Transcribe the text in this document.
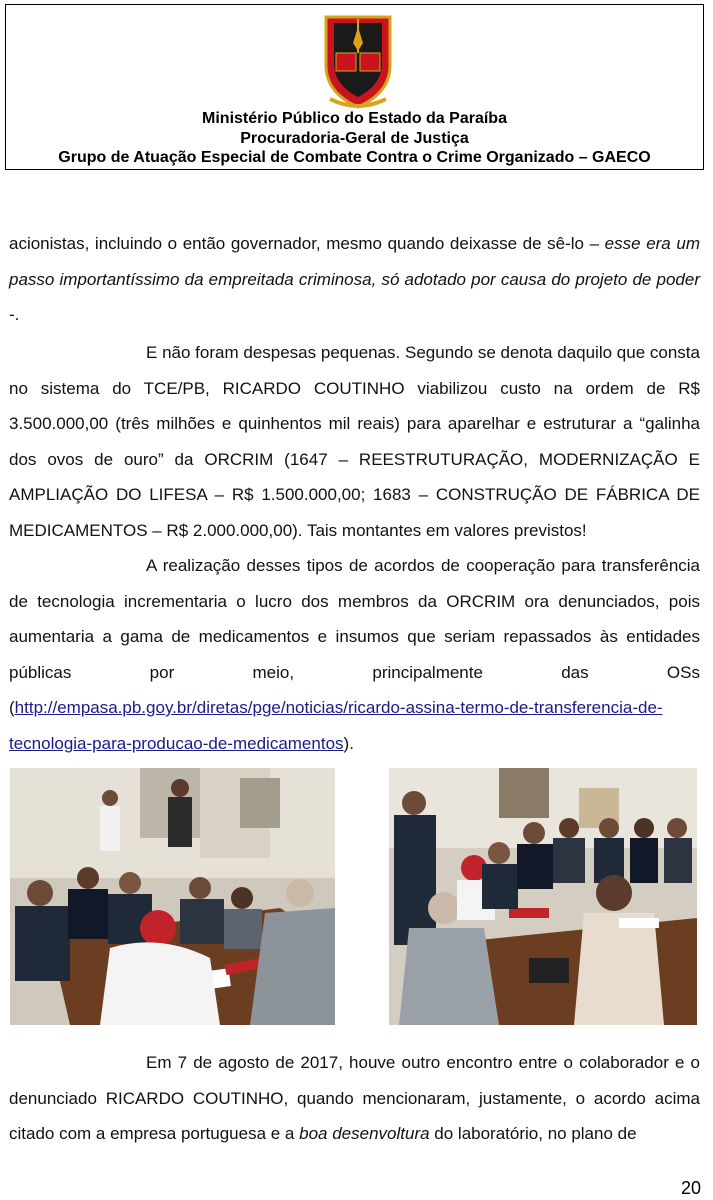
Ministério Público do Estado da Paraíba

Procuradoria-Geral de Justiça

Grupo de Atuação Especial de Combate Contra o Crime Organizado – GAECO

acionistas, incluindo o então governador, mesmo quando deixasse de sê-lo – esse era um passo importantíssimo da empreitada criminosa, só adotado por causa do projeto de poder -.

E não foram despesas pequenas. Segundo se denota daquilo que consta no sistema do TCE/PB, RICARDO COUTINHO viabilizou custo na ordem de R$ 3.500.000,00 (três milhões e quinhentos mil reais) para aparelhar e estruturar a “galinha dos ovos de ouro” da ORCRIM (1647 – REESTRUTURAÇÃO, MODERNIZAÇÃO E AMPLIAÇÃO DO LIFESA – R$ 1.500.000,00; 1683 – CONSTRUÇÃO DE FÁBRICA DE MEDICAMENTOS – R$ 2.000.000,00). Tais montantes em valores previstos!

A realização desses tipos de acordos de cooperação para transferência de tecnologia incrementaria o lucro dos membros da ORCRIM ora denunciados, pois aumentaria a gama de medicamentos e insumos que seriam repassados às entidades públicas por meio, principalmente das OSs (http://empasa.pb.goy.br/diretas/pge/noticias/ricardo-assina-termo-de-transferencia-de-tecnologia-para-producao-de-medicamentos).

Em 7 de agosto de 2017, houve outro encontro entre o colaborador e o denunciado RICARDO COUTINHO, quando mencionaram, justamente, o acordo acima citado com a empresa portuguesa e a boa desenvoltura do laboratório, no plano de

20
